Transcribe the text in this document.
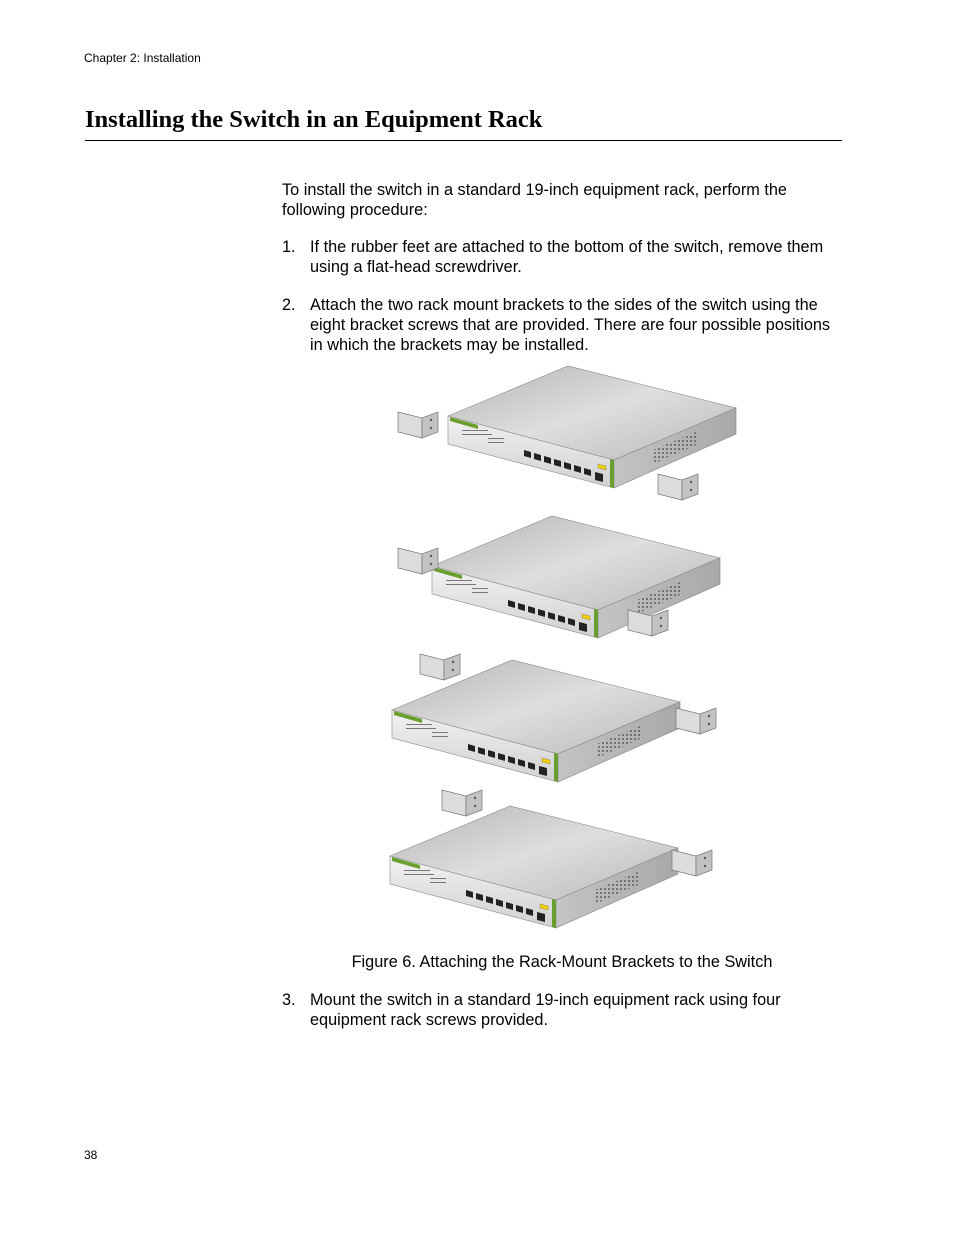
Chapter 2: Installation
Installing the Switch in an Equipment Rack

To install the switch in a standard 19-inch equipment rack, perform the following procedure:

1. If the rubber feet are attached to the bottom of the switch, remove them using a flat-head screwdriver.
2. Attach the two rack mount brackets to the sides of the switch using the eight bracket screws that are provided. There are four possible positions in which the brackets may be installed.
Figure 6. Attaching the Rack-Mount Brackets to the Switch
3. Mount the switch in a standard 19-inch equipment rack using four equipment rack screws provided.
38
